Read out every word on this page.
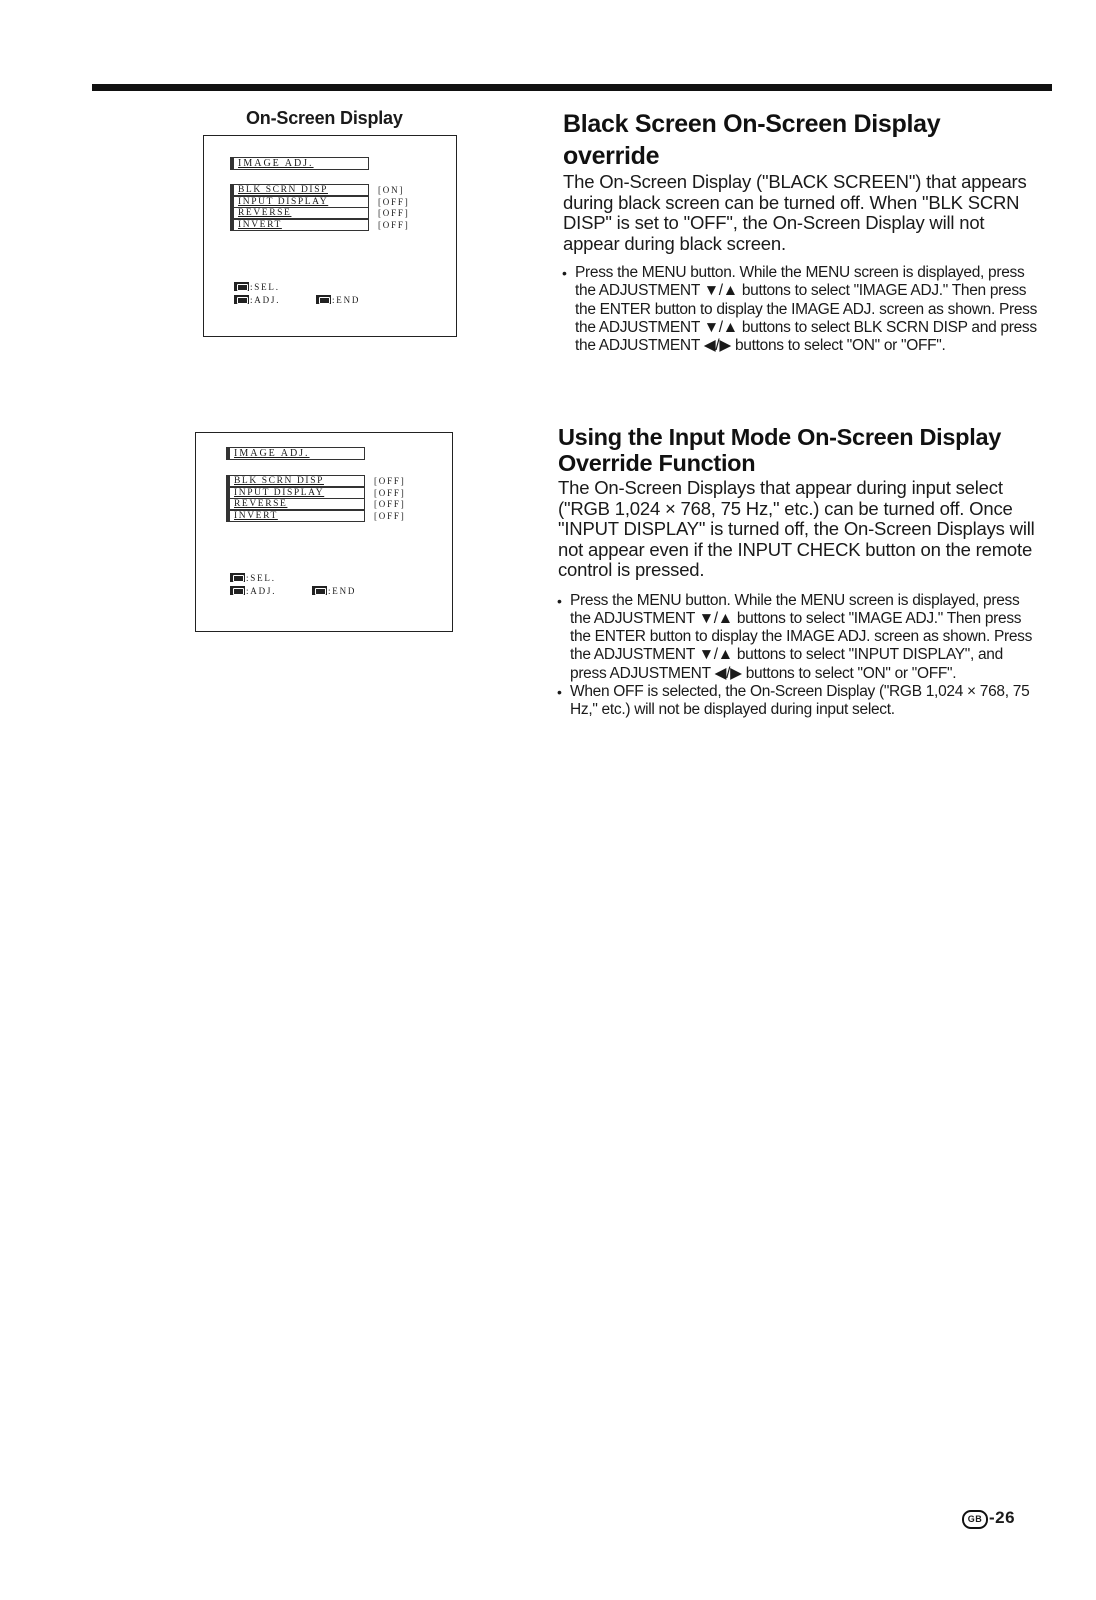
On-Screen Display
IMAGE ADJ.
BLK SCRN DISP	[ON]
INPUT DISPLAY	[OFF]
REVERSE	[OFF]
INVERT	[OFF]
:SEL.
:ADJ.	:END
IMAGE ADJ.
BLK SCRN DISP	[OFF]
INPUT DISPLAY	[OFF]
REVERSE	[OFF]
INVERT	[OFF]
:SEL.
:ADJ.	:END
Black Screen On-Screen Display override

The On-Screen Display ("BLACK SCREEN") that appears during black screen can be turned off. When "BLK SCRN DISP" is set to "OFF", the On-Screen Display will not appear during black screen.

• Press the MENU button. While the MENU screen is displayed, press the ADJUSTMENT ▼/▲ buttons to select "IMAGE ADJ." Then press the ENTER button to display the IMAGE ADJ. screen as shown. Press the ADJUSTMENT ▼/▲ buttons to select BLK SCRN DISP and press the ADJUSTMENT ◀/▶ buttons to select "ON" or "OFF".
Using the Input Mode On-Screen Display Override Function

The On-Screen Displays that appear during input select ("RGB 1,024 × 768, 75 Hz," etc.) can be turned off. Once "INPUT DISPLAY" is turned off, the On-Screen Displays will not appear even if the INPUT CHECK button on the remote control is pressed.

• Press the MENU button. While the MENU screen is displayed, press the ADJUSTMENT ▼/▲ buttons to select "IMAGE ADJ." Then press the ENTER button to display the IMAGE ADJ. screen as shown. Press the ADJUSTMENT ▼/▲ buttons to select "INPUT DISPLAY", and press ADJUSTMENT ◀/▶ buttons to select "ON" or "OFF".
• When OFF is selected, the On-Screen Display ("RGB 1,024 × 768, 75 Hz," etc.) will not be displayed during input select.
GB -26
